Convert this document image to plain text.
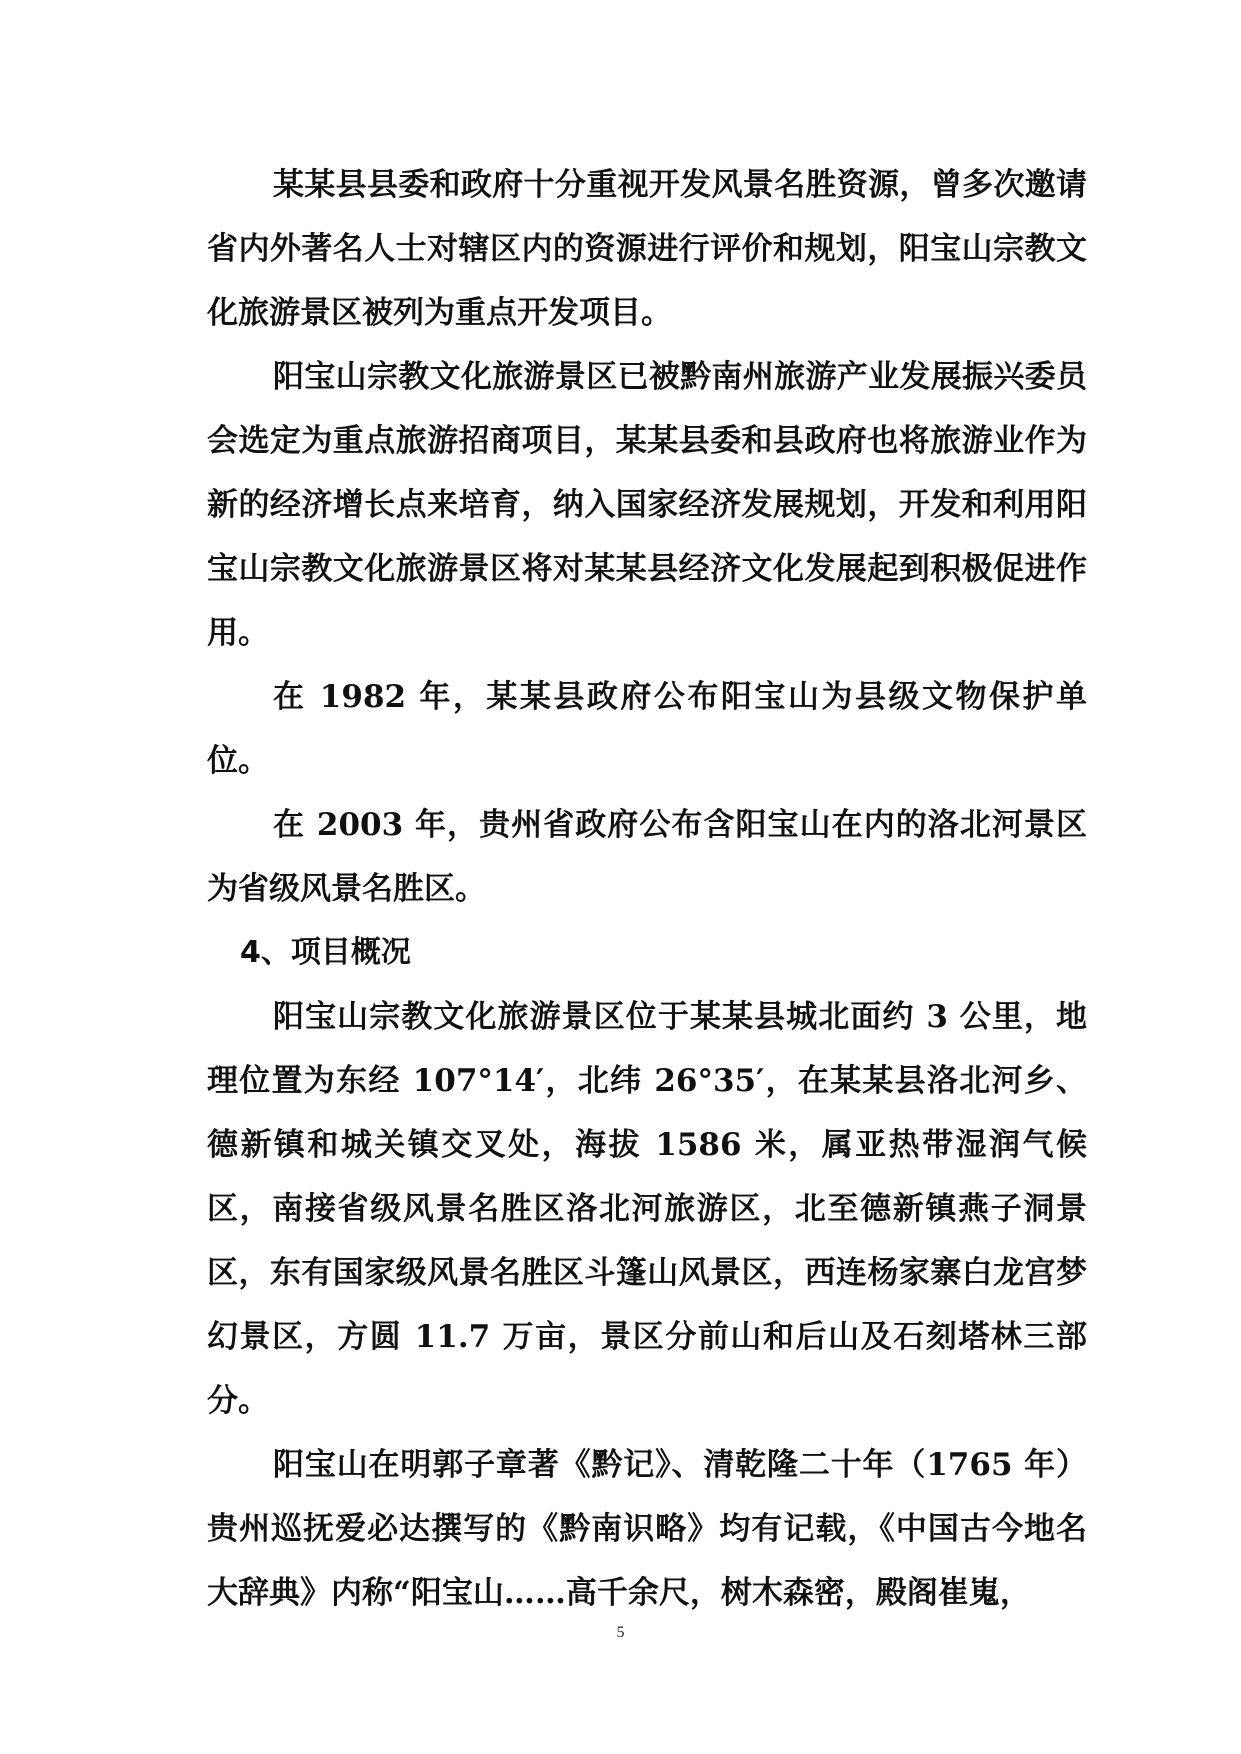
某某县县委和政府十分重视开发风景名胜资源，曾多次邀请省内外著名人士对辖区内的资源进行评价和规划，阳宝山宗教文化旅游景区被列为重点开发项目。

阳宝山宗教文化旅游景区已被黔南州旅游产业发展振兴委员会选定为重点旅游招商项目，某某县委和县政府也将旅游业作为新的经济增长点来培育，纳入国家经济发展规划，开发和利用阳宝山宗教文化旅游景区将对某某县经济文化发展起到积极促进作用。

在 1982 年，某某县政府公布阳宝山为县级文物保护单位。

在 2003 年，贵州省政府公布含阳宝山在内的洛北河景区为省级风景名胜区。

4、项目概况

阳宝山宗教文化旅游景区位于某某县城北面约 3 公里，地理位置为东经 107°14′，北纬 26°35′，在某某县洛北河乡、德新镇和城关镇交叉处，海拔 1586 米，属亚热带湿润气候区，南接省级风景名胜区洛北河旅游区，北至德新镇燕子洞景区，东有国家级风景名胜区斗篷山风景区，西连杨家寨白龙宫梦幻景区，方圆 11.7 万亩，景区分前山和后山及石刻塔林三部分。

阳宝山在明郭子章著《黔记》、清乾隆二十年（1765 年）贵州巡抚爱必达撰写的《黔南识略》均有记载，《中国古今地名大辞典》内称“阳宝山……高千余尺，树木森密，殿阁崔嵬，

5
